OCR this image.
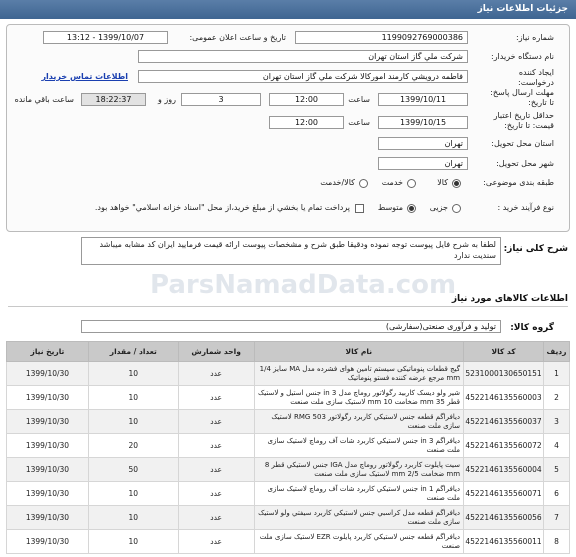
جزئیات اطلاعات نیاز
شماره نیاز:
1199092769000386
تاریخ و ساعت اعلان عمومی:
1399/10/07 - 13:12
نام دستگاه خریدار:
شرکت ملي گاز استان تهران
ایجاد کننده درخواست:
فاطمه درویشي کارمند امورکالا شرکت ملي گاز استان تهران
اطلاعات تماس خریدار
مهلت ارسال پاسخ: تا تاریخ:
1399/10/11
ساعت
12:00
3
روز و
18:22:37
ساعت باقي مانده
حداقل تاریخ اعتبار قیمت: تا تاریخ:
1399/10/15
ساعت
12:00
استان محل تحویل:
تهران
شهر محل تحویل:
تهران
طبقه بندی موضوعی:
کالا
خدمت
کالا/خدمت
نوع فرآیند خرید :
جزیی
متوسط
پرداخت تمام یا بخشي از مبلغ خرید،از محل "اسناد خزانه اسلامي" خواهد بود.
شرح کلی نیاز:
لطفا به شرح فایل پیوست توجه نموده ودقیقا طبق شرح و مشخصات پیوست ارائه قیمت فرمایید ایران کد مشابه میباشد سندیت ندارد
اطلاعات کالاهای مورد نیاز
گروه کالا:
تولید و فرآوری صنعتی(سفارشی)
ParsNamadData.com
ردیف	کد کالا	نام کالا	واحد شمارش	تعداد / مقدار	تاریخ نیاز
1	5231000130650151	گیج قطعات پنوماتیکی سیستم تامین هوای فشرده مدل MA سایز 1/4 mm مرجع عرضه کننده فستو پنوماتیک	عدد	10	1399/10/30
2	4522146135560003	شیر ولو دیسک کاربید رگولاتور روماچ مدل 3 in جنس استیل و لاستیک قطر 35 mm ضخامت 10 mm لاستیک سازی ملت صنعت	عدد	10	1399/10/30
3	4522146135560037	دیافراگم قطعه جنس لاستیکي کاربرد رگولاتور RMG 503 لاستیک سازی ملت صنعت	عدد	10	1399/10/30
4	4522146135560072	دیافراگم 3 in جنس لاستیکي کاربرد شات آف روماچ لاستیک سازی ملت صنعت	عدد	20	1399/10/30
5	4522146135560004	سیت پایلوت کاربرد رگولاتور روماچ مدل IGA جنس لاستیکي قطر 8 mm ضخامت 2/5 mm لاستیک سازی ملت صنعت	عدد	50	1399/10/30
6	4522146135560071	دیافراگم 1 in جنس لاستیکي کاربرد شات آف روماچ لاستیک سازی ملت صنعت	عدد	10	1399/10/30
7	4522146135560056	دیافراگم قطعه مدل کراسبي جنس لاستیکي کاربرد سیفتي ولو لاستیک سازی ملت صنعت	عدد	10	1399/10/30
8	4522146135560011	دیافراگم قطعه جنس لاستیکي کاربرد پایلوت EZR لاستیک سازی ملت صنعت	عدد	10	1399/10/30
